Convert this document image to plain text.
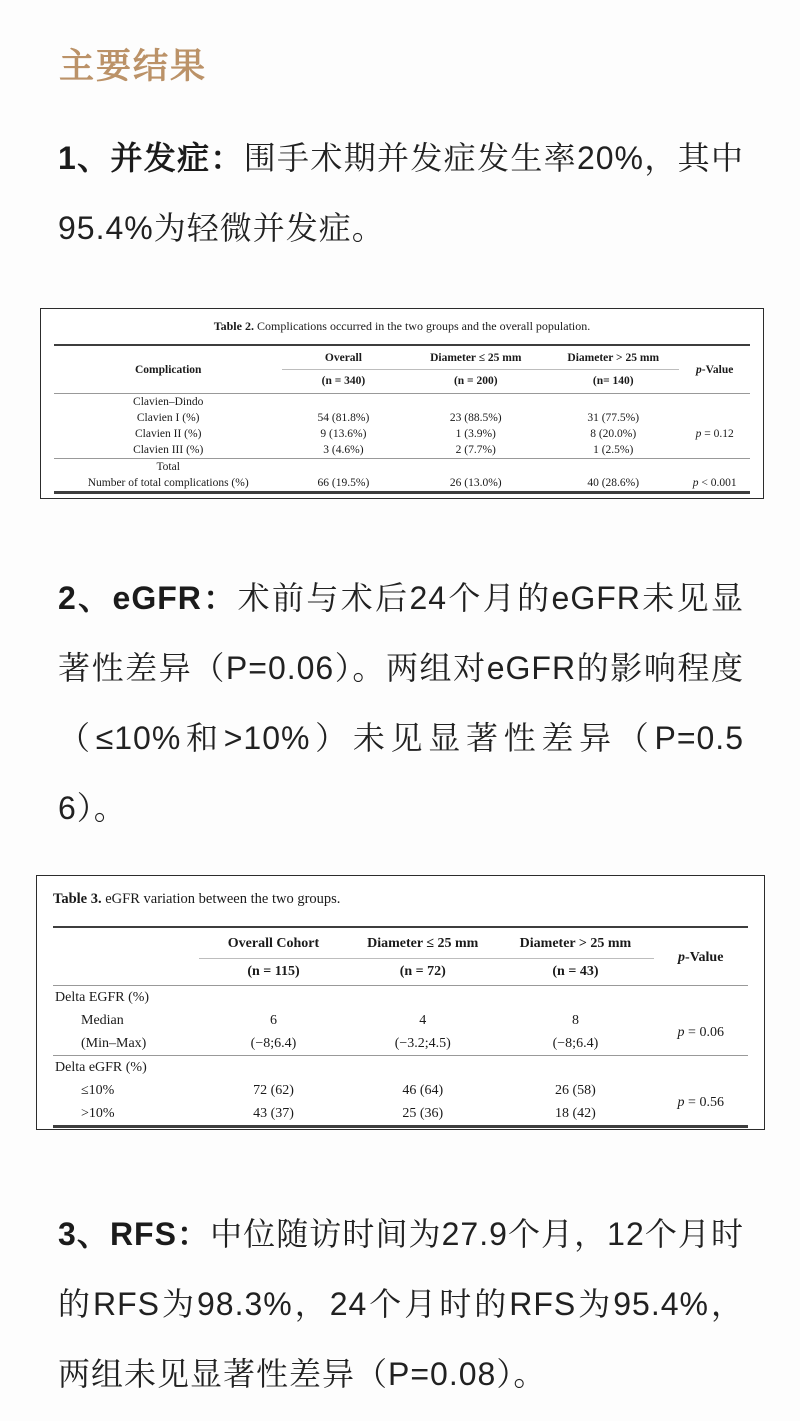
主要结果
1、并发症：围手术期并发症发生率20%，其中95.4%为轻微并发症。
Table 2. Complications occurred in the two groups and the overall population.
Complication	Overall	Diameter ≤ 25 mm	Diameter > 25 mm	p-Value
	(n = 340)	(n = 200)	(n= 140)	
Clavien–Dindo				
Clavien I (%)	54 (81.8%)	23 (88.5%)	31 (77.5%)	p = 0.12
Clavien II (%)	9 (13.6%)	1 (3.9%)	8 (20.0%)	
Clavien III (%)	3 (4.6%)	2 (7.7%)	1 (2.5%)	
Total				
Number of total complications (%)	66 (19.5%)	26 (13.0%)	40 (28.6%)	p < 0.001
2、eGFR：术前与术后24个月的eGFR未见显著性差异（P=0.06）。两组对eGFR的影响程度（≤10%和>10%）未见显著性差异（P=0.56）。
Table 3. eGFR variation between the two groups.
	Overall Cohort	Diameter ≤ 25 mm	Diameter > 25 mm	p-Value
	(n = 115)	(n = 72)	(n = 43)	
Delta EGFR (%)				
Median	6	4	8	p = 0.06
(Min–Max)	(−8;6.4)	(−3.2;4.5)	(−8;6.4)	
Delta eGFR (%)				
≤10%	72 (62)	46 (64)	26 (58)	p = 0.56
>10%	43 (37)	25 (36)	18 (42)	
3、RFS：中位随访时间为27.9个月，12个月时的RFS为98.3%，24个月时的RFS为95.4%，两组未见显著性差异（P=0.08）。
